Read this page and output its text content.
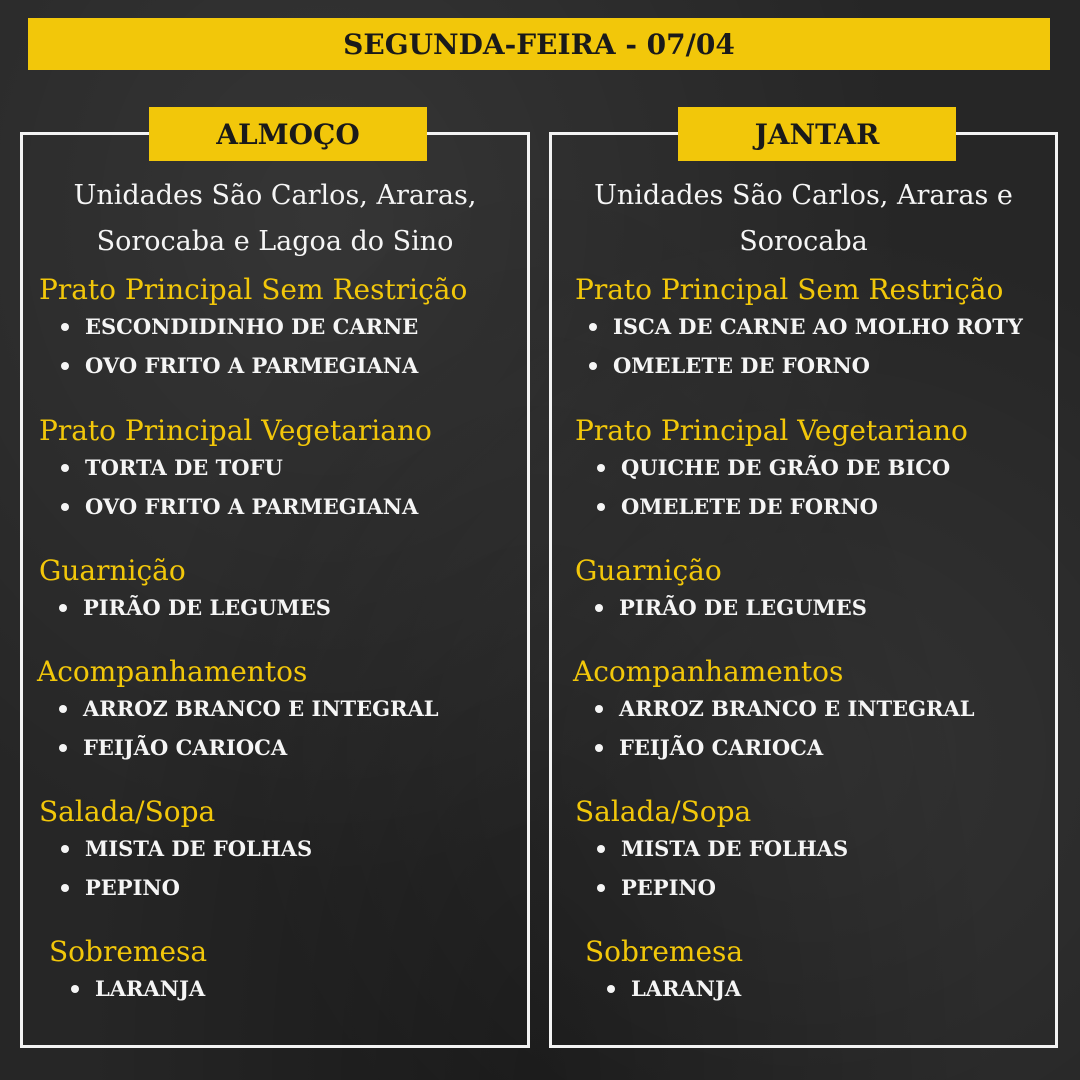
SEGUNDA-FEIRA - 07/04
ALMOÇO
Unidades São Carlos, Araras,
Sorocaba e Lagoa do Sino
Prato Principal Sem Restrição
ESCONDIDINHO DE CARNE
OVO FRITO A PARMEGIANA
Prato Principal Vegetariano
TORTA DE TOFU
OVO FRITO A PARMEGIANA
Guarnição
PIRÃO DE LEGUMES
Acompanhamentos
ARROZ BRANCO E INTEGRAL
FEIJÃO CARIOCA
Salada/Sopa
MISTA DE FOLHAS
PEPINO
Sobremesa
LARANJA
JANTAR
Unidades São Carlos, Araras e
Sorocaba
Prato Principal Sem Restrição
ISCA DE CARNE AO MOLHO ROTY
OMELETE DE FORNO
Prato Principal Vegetariano
QUICHE DE GRÃO DE BICO
OMELETE DE FORNO
Guarnição
PIRÃO DE LEGUMES
Acompanhamentos
ARROZ BRANCO E INTEGRAL
FEIJÃO CARIOCA
Salada/Sopa
MISTA DE FOLHAS
PEPINO
Sobremesa
LARANJA
